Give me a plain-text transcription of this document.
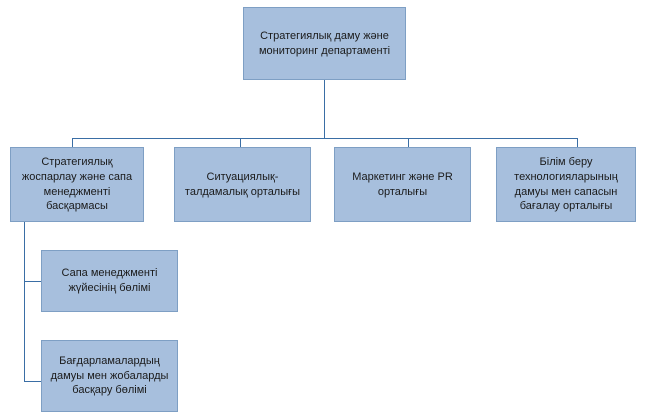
Стратегиялық даму және мониторинг департаменті
Стратегиялық жоспарлау және сапа менеджменті басқармасы
Ситуациялық-талдамалық орталығы
Маркетинг және PR орталығы
Білім беру технологияларының дамуы мен сапасын бағалау орталығы
Сапа менеджменті жүйесінің бөлімі
Бағдарламалардың дамуы мен жобаларды басқару бөлімі
